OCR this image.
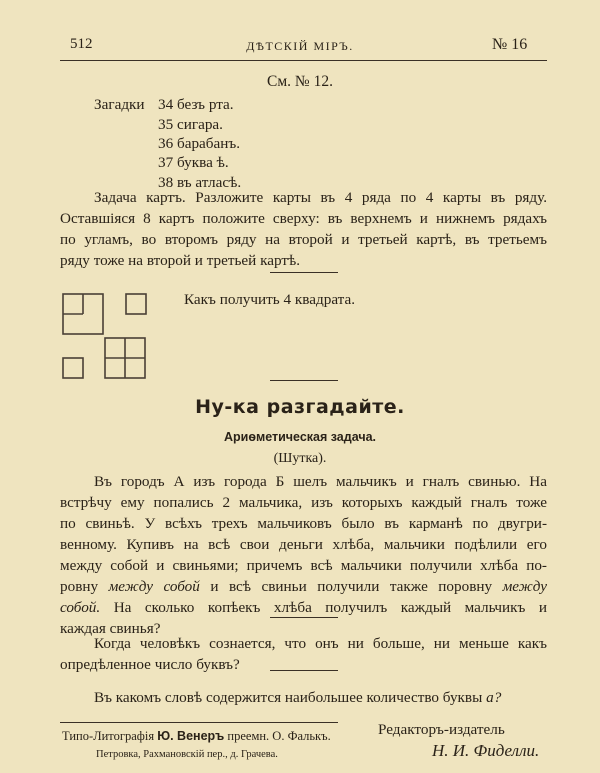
512	ДѢТСКІЙ МІРЪ.	№ 16
См. № 12.
Загадки 34 безъ рта.
35 сигара.
36 барабанъ.
37 буква ѣ.
38 въ атласѣ.
Задача картъ. Разложите карты въ 4 ряда по 4 карты въ ряду.
Оставшіяся 8 картъ положите сверху: въ верхнемъ и нижнемъ рядахъ
по угламъ, во второмъ ряду на второй и третьей картѣ, въ третьемъ
ряду тоже на второй и третьей картѣ.
Какъ получить 4 квадрата.
Ну-ка разгадайте.
Ариѳметическая задача.
(Шутка).
Въ городъ А изъ города Б шелъ мальчикъ и гналъ свинью. На
встрѣчу ему попались 2 мальчика, изъ которыхъ каждый гналъ тоже
по свиньѣ. У всѣхъ трехъ мальчиковъ было въ карманѣ по двугри-
венному. Купивъ на всѣ свои деньги хлѣба, мальчики подѣлили его
между собой и свиньями; причемъ всѣ мальчики получили хлѣба по-
ровну между собой и всѣ свиньи получили также поровну между
собой. На сколько копѣекъ хлѣба получилъ каждый мальчикъ и
каждая свинья?
Когда человѣкъ сознается, что онъ ни больше, ни меньше какъ
опредѣленное число буквъ?
Въ какомъ словѣ содержится наибольшее количество буквы а?
Типо-Литографія Ю. Венеръ преемн. О. Фалькъ.
Петровка, Рахмановскій пер., д. Грачева.
Редакторъ-издатель
Н. И. Фиделли.
